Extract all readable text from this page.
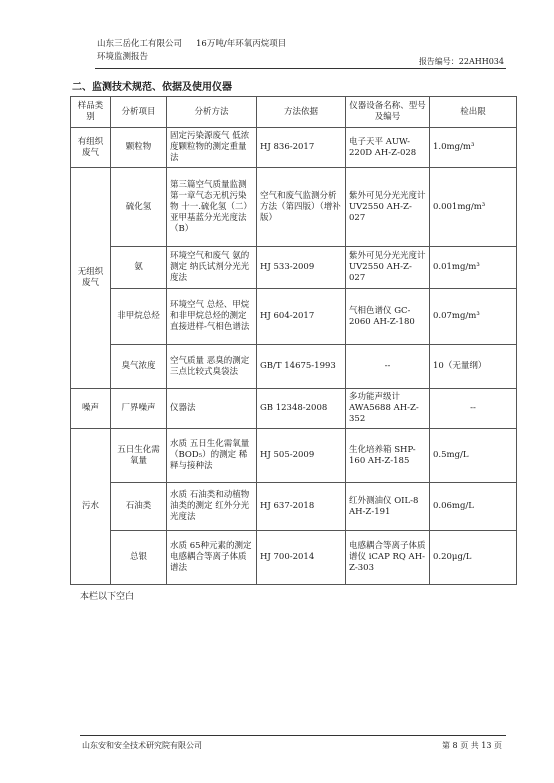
山东三岳化工有限公司 16万吨/年环氧丙烷项目
环境监测报告	报告编号：22AHH034
二、监测技术规范、依据及使用仪器
样品类别	分析项目	分析方法	方法依据	仪器设备名称、型号及编号	检出限
有组织废气	颗粒物	固定污染源废气 低浓度颗粒物的测定重量法	HJ 836-2017	电子天平 AUW-220D AH-Z-028	1.0mg/m³
无组织废气	硫化氢	第三篇空气质量监测 第一章气态无机污染物 十一.硫化氢（二）亚甲基蓝分光光度法（B）	空气和废气监测分析方法（第四版）（增补版）	紫外可见分光光度计 UV2550 AH-Z-027	0.001mg/m³
	氨	环境空气和废气 氨的测定 纳氏试剂分光光度法	HJ 533-2009	紫外可见分光光度计 UV2550 AH-Z-027	0.01mg/m³
	非甲烷总烃	环境空气 总烃、甲烷和非甲烷总烃的测定 直接进样-气相色谱法	HJ 604-2017	气相色谱仪 GC-2060 AH-Z-180	0.07mg/m³
	臭气浓度	空气质量 恶臭的测定 三点比较式臭袋法	GB/T 14675-1993	--	10（无量纲）
噪声	厂界噪声	仪器法	GB 12348-2008	多功能声级计 AWA5688 AH-Z-352	--
污水	五日生化需氧量	水质 五日生化需氧量（BOD₅）的测定 稀释与接种法	HJ 505-2009	生化培养箱 SHP-160 AH-Z-185	0.5mg/L
	石油类	水质 石油类和动植物油类的测定 红外分光光度法	HJ 637-2018	红外测油仪 OIL-8 AH-Z-191	0.06mg/L
	总银	水质 65种元素的测定 电感耦合等离子体质谱法	HJ 700-2014	电感耦合等离子体质谱仪 iCAP RQ AH-Z-303	0.20μg/L
本栏以下空白
山东安和安全技术研究院有限公司	第 8 页 共 13 页
